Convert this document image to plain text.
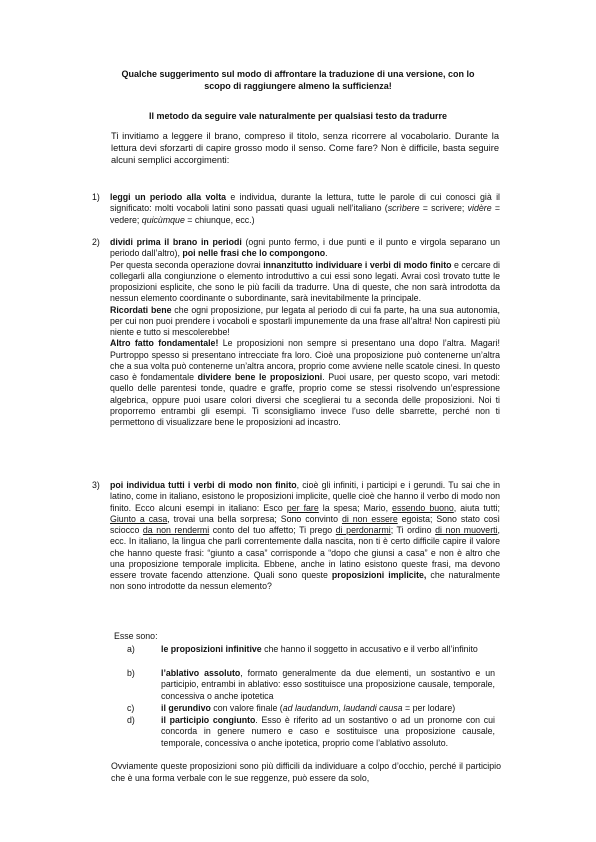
Qualche suggerimento sul modo di affrontare la traduzione di una versione, con lo
scopo di raggiungere almeno la sufficienza!
Il metodo da seguire vale naturalmente per qualsiasi testo da tradurre
Ti invitiamo a leggere il brano, compreso il titolo, senza ricorrere al vocabolario. Durante la lettura devi sforzarti di capire grosso modo il senso. Come fare? Non è difficile, basta seguire alcuni semplici accorgimenti:
1)	leggi un periodo alla volta e individua, durante la lettura, tutte le parole di cui conosci già il significato: molti vocaboli latini sono passati quasi uguali nell’italiano (scrìbere = scrivere; vidère = vedere; quicùmque = chiunque, ecc.)
2)	dividi prima il brano in periodi (ogni punto fermo, i due punti e il punto e virgola separano un periodo dall’altro), poi nelle frasi che lo compongono.

Per questa seconda operazione dovrai innanzitutto individuare i verbi di modo finito e cercare di collegarli alla congiunzione o elemento introduttivo a cui essi sono legati. Avrai così trovato tutte le proposizioni esplicite, che sono le più facili da tradurre. Una di queste, che non sarà introdotta da nessun elemento coordinante o subordinante, sarà inevitabilmente la principale.

Ricordati bene che ogni proposizione, pur legata al periodo di cui fa parte, ha una sua autonomia, per cui non puoi prendere i vocaboli e spostarli impunemente da una frase all’altra! Non capiresti più niente e tutto si mescolerebbe!

Altro fatto fondamentale! Le proposizioni non sempre si presentano una dopo l’altra. Magari! Purtroppo spesso si presentano intrecciate fra loro. Cioè una proposizione può contenerne un’altra che a sua volta può contenerne un’altra ancora, proprio come avviene nelle scatole cinesi. In questo caso è fondamentale dividere bene le proposizioni. Puoi usare, per questo scopo, vari metodi: quello delle parentesi tonde, quadre e graffe, proprio come se stessi risolvendo un’espressione algebrica, oppure puoi usare colori diversi che sceglierai tu a seconda delle proposizioni. Noi ti proporremo entrambi gli esempi. Ti sconsigliamo invece l’uso delle sbarrette, perché non ti permettono di visualizzare bene le proposizioni ad incastro.

3)	poi individua tutti i verbi di modo non finito, cioè gli infiniti, i participi e i gerundi. Tu sai che in latino, come in italiano, esistono le proposizioni implicite, quelle cioè che hanno il verbo di modo non finito. Ecco alcuni esempi in italiano: Esco per fare la spesa; Mario, essendo buono, aiuta tutti; Giunto a casa, trovai una bella sorpresa; Sono convinto di non essere egoista; Sono stato così sciocco da non rendermi conto del tuo affetto; Ti prego di perdonarmi; Ti ordino di non muoverti, ecc. In italiano, la lingua che parli correntemente dalla nascita, non ti è certo difficile capire il valore che hanno queste frasi: “giunto a casa” corrisponde a “dopo che giunsi a casa” e non è altro che una proposizione temporale implicita. Ebbene, anche in latino esistono queste frasi, ma devono essere trovate facendo attenzione. Quali sono queste proposizioni implicite, che naturalmente non sono introdotte da nessun elemento?
Esse sono:
a)	le proposizioni infinitive che hanno il soggetto in accusativo e il verbo all’infinito
b)	l’ablativo assoluto, formato generalmente da due elementi, un sostantivo e un participio, entrambi in ablativo: esso sostituisce una proposizione causale, temporale, concessiva o anche ipotetica
c)	il gerundivo con valore finale (ad laudandum, laudandi causa = per lodare)
d)	il participio congiunto. Esso è riferito ad un sostantivo o ad un pronome con cui concorda in genere numero e caso e sostituisce una proposizione causale, temporale, concessiva o anche ipotetica, proprio come l’ablativo assoluto.
Ovviamente queste proposizioni sono più difficili da individuare a colpo d’occhio, perché il participio che è una forma verbale con le sue reggenze, può essere da solo,
